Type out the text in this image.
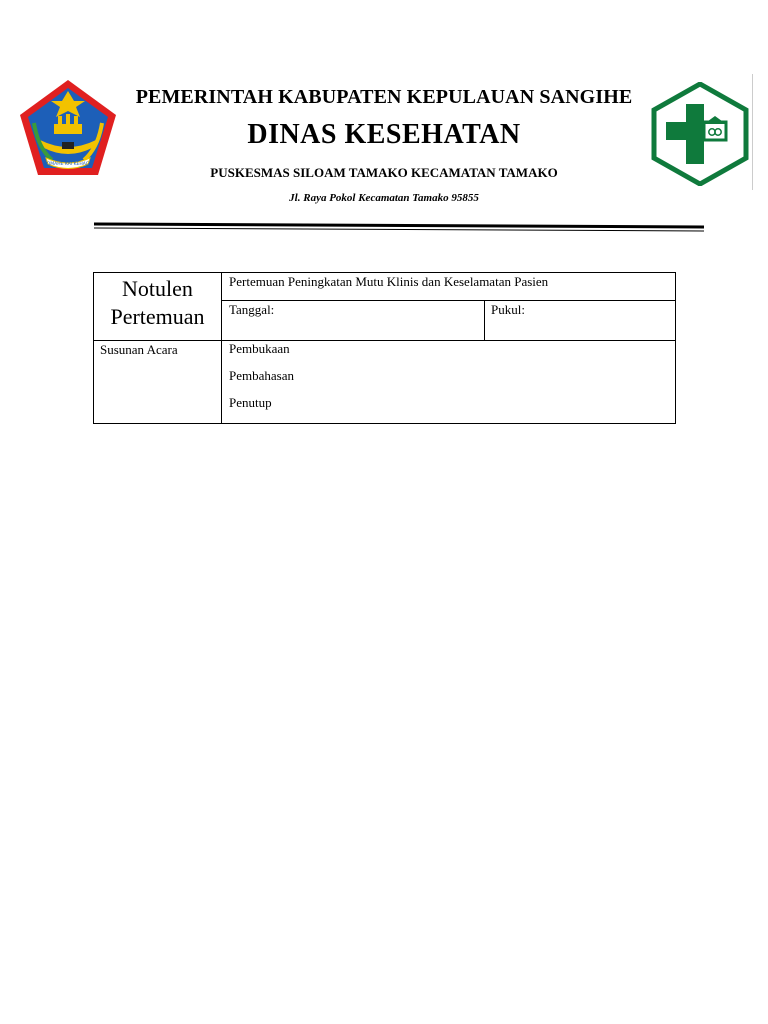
SOMAHE KAI KEHAGE
PEMERINTAH KABUPATEN KEPULAUAN SANGIHE
DINAS KESEHATAN
PUSKESMAS SILOAM TAMAKO KECAMATAN TAMAKO
Jl. Raya Pokol Kecamatan Tamako 95855
Notulen
Pertemuan	Pertemuan Peningkatan Mutu Klinis dan Keselamatan Pasien	
	Tanggal:	Pukul:
Susunan Acara	Pembukaan
Pembahasan
Penutup	
